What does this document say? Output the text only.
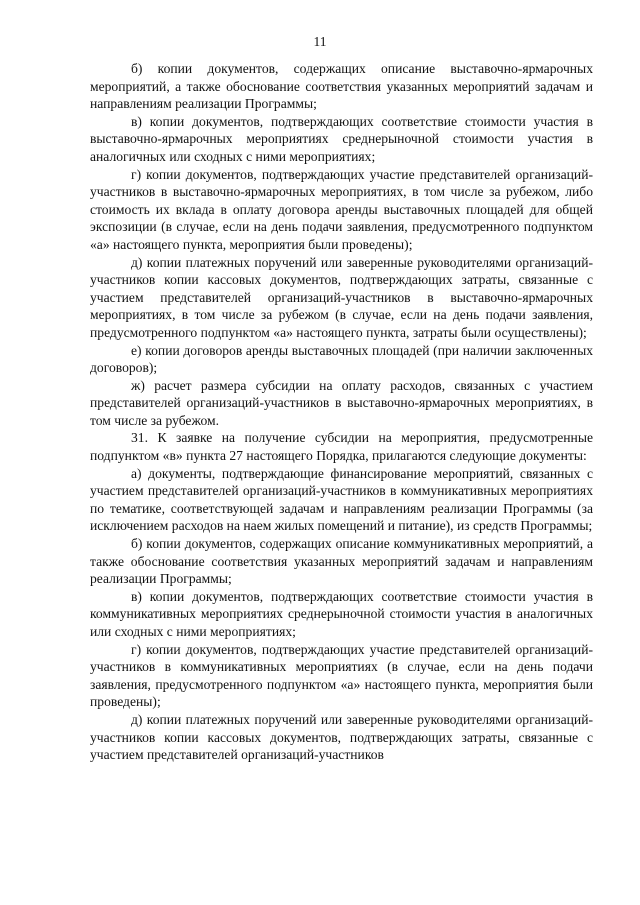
11

б) копии документов, содержащих описание выставочно-ярмарочных мероприятий, а также обоснование соответствия указанных мероприятий задачам и направлениям реализации Программы;

в) копии документов, подтверждающих соответствие стоимости участия в выставочно-ярмарочных мероприятиях среднерыночной стоимости участия в аналогичных или сходных с ними мероприятиях;

г) копии документов, подтверждающих участие представителей организаций-участников в выставочно-ярмарочных мероприятиях, в том числе за рубежом, либо стоимость их вклада в оплату договора аренды выставочных площадей для общей экспозиции (в случае, если на день подачи заявления, предусмотренного подпунктом «а» настоящего пункта, мероприятия были проведены);

д) копии платежных поручений или заверенные руководителями организаций-участников копии кассовых документов, подтверждающих затраты, связанные с участием представителей организаций-участников в выставочно-ярмарочных мероприятиях, в том числе за рубежом (в случае, если на день подачи заявления, предусмотренного подпунктом «а» настоящего пункта, затраты были осуществлены);

е) копии договоров аренды выставочных площадей (при наличии заключенных договоров);

ж) расчет размера субсидии на оплату расходов, связанных с участием представителей организаций-участников в выставочно-ярмарочных мероприятиях, в том числе за рубежом.

31. К заявке на получение субсидии на мероприятия, предусмотренные подпунктом «в» пункта 27 настоящего Порядка, прилагаются следующие документы:

а) документы, подтверждающие финансирование мероприятий, связанных с участием представителей организаций-участников в коммуникативных мероприятиях по тематике, соответствующей задачам и направлениям реализации Программы (за исключением расходов на наем жилых помещений и питание), из средств Программы;

б) копии документов, содержащих описание коммуникативных мероприятий, а также обоснование соответствия указанных мероприятий задачам и направлениям реализации Программы;

в) копии документов, подтверждающих соответствие стоимости участия в коммуникативных мероприятиях среднерыночной стоимости участия в аналогичных или сходных с ними мероприятиях;

г) копии документов, подтверждающих участие представителей организаций-участников в коммуникативных мероприятиях (в случае, если на день подачи заявления, предусмотренного подпунктом «а» настоящего пункта, мероприятия были проведены);

д) копии платежных поручений или заверенные руководителями организаций-участников копии кассовых документов, подтверждающих затраты, связанные с участием представителей организаций-участников
